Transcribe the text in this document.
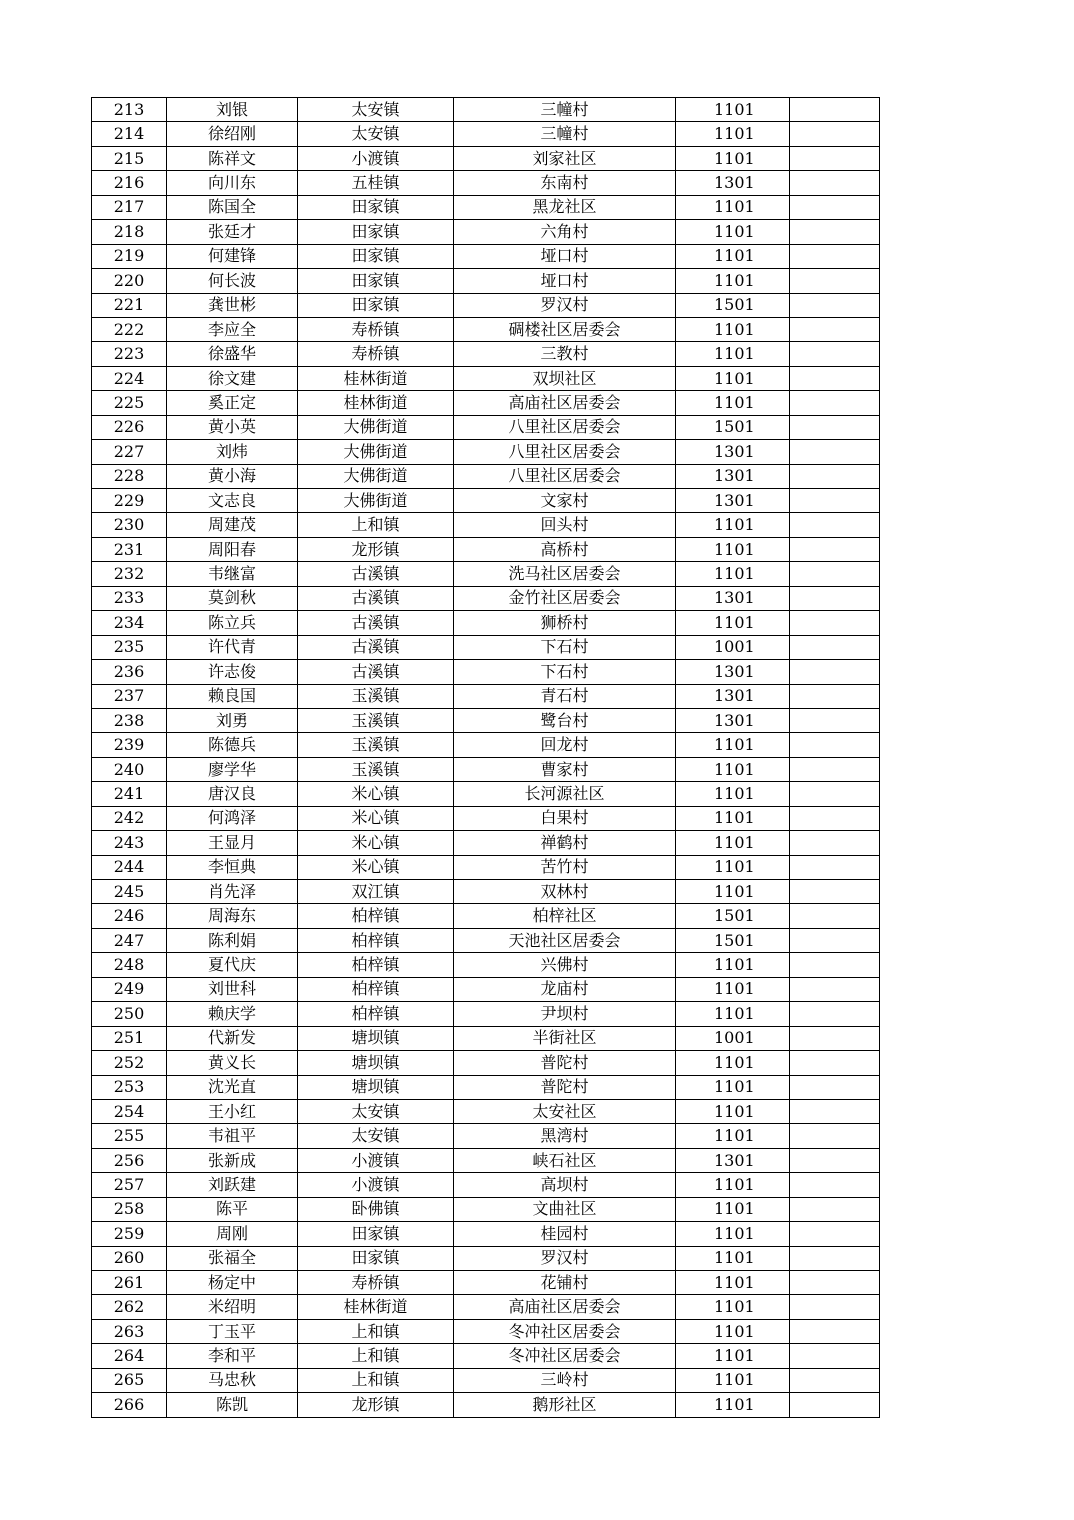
213	刘银	太安镇	三幢村	1101	
214	徐绍刚	太安镇	三幢村	1101	
215	陈祥文	小渡镇	刘家社区	1101	
216	向川东	五桂镇	东南村	1301	
217	陈国全	田家镇	黑龙社区	1101	
218	张廷才	田家镇	六角村	1101	
219	何建锋	田家镇	垭口村	1101	
220	何长波	田家镇	垭口村	1101	
221	龚世彬	田家镇	罗汉村	1501	
222	李应全	寿桥镇	碉楼社区居委会	1101	
223	徐盛华	寿桥镇	三教村	1101	
224	徐文建	桂林街道	双坝社区	1101	
225	奚正定	桂林街道	高庙社区居委会	1101	
226	黄小英	大佛街道	八里社区居委会	1501	
227	刘炜	大佛街道	八里社区居委会	1301	
228	黄小海	大佛街道	八里社区居委会	1301	
229	文志良	大佛街道	文家村	1301	
230	周建茂	上和镇	回头村	1101	
231	周阳春	龙形镇	高桥村	1101	
232	韦继富	古溪镇	洗马社区居委会	1101	
233	莫剑秋	古溪镇	金竹社区居委会	1301	
234	陈立兵	古溪镇	狮桥村	1101	
235	许代青	古溪镇	下石村	1001	
236	许志俊	古溪镇	下石村	1301	
237	赖良国	玉溪镇	青石村	1301	
238	刘勇	玉溪镇	鹭台村	1301	
239	陈德兵	玉溪镇	回龙村	1101	
240	廖学华	玉溪镇	曹家村	1101	
241	唐汉良	米心镇	长河源社区	1101	
242	何鸿泽	米心镇	白果村	1101	
243	王显月	米心镇	禅鹤村	1101	
244	李恒典	米心镇	苦竹村	1101	
245	肖先泽	双江镇	双林村	1101	
246	周海东	柏梓镇	柏梓社区	1501	
247	陈利娟	柏梓镇	天池社区居委会	1501	
248	夏代庆	柏梓镇	兴佛村	1101	
249	刘世科	柏梓镇	龙庙村	1101	
250	赖庆学	柏梓镇	尹坝村	1101	
251	代新发	塘坝镇	半街社区	1001	
252	黄义长	塘坝镇	普陀村	1101	
253	沈光直	塘坝镇	普陀村	1101	
254	王小红	太安镇	太安社区	1101	
255	韦祖平	太安镇	黑湾村	1101	
256	张新成	小渡镇	峡石社区	1301	
257	刘跃建	小渡镇	高坝村	1101	
258	陈平	卧佛镇	文曲社区	1101	
259	周刚	田家镇	桂园村	1101	
260	张福全	田家镇	罗汉村	1101	
261	杨定中	寿桥镇	花铺村	1101	
262	米绍明	桂林街道	高庙社区居委会	1101	
263	丁玉平	上和镇	冬冲社区居委会	1101	
264	李和平	上和镇	冬冲社区居委会	1101	
265	马忠秋	上和镇	三岭村	1101	
266	陈凯	龙形镇	鹅形社区	1101	
